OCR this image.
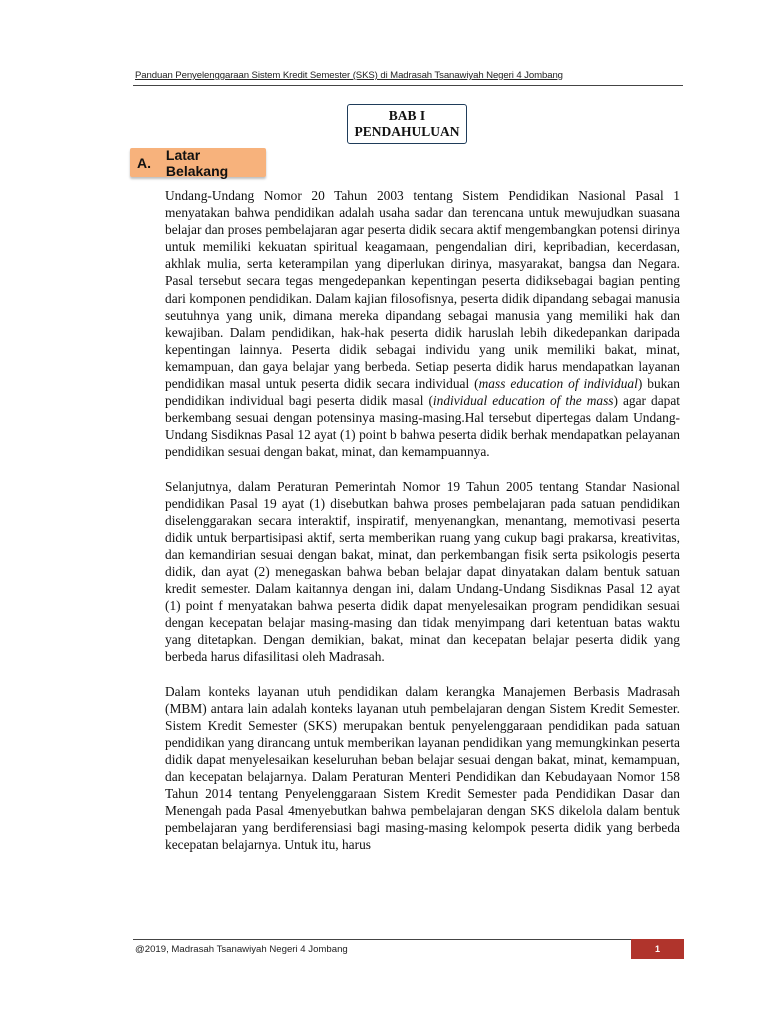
Panduan Penyelenggaraan Sistem Kredit Semester (SKS) di Madrasah Tsanawiyah Negeri 4 Jombang
BAB I
PENDAHULUAN
A.	Latar Belakang

Undang-Undang Nomor 20 Tahun 2003 tentang Sistem Pendidikan Nasional Pasal 1 menyatakan bahwa pendidikan adalah usaha sadar dan terencana untuk mewujudkan suasana belajar dan proses pembelajaran agar peserta didik secara aktif mengembangkan potensi dirinya untuk memiliki kekuatan spiritual keagamaan, pengendalian diri, kepribadian, kecerdasan, akhlak mulia, serta keterampilan yang diperlukan dirinya, masyarakat, bangsa dan Negara. Pasal tersebut secara tegas mengedepankan kepentingan peserta didiksebagai bagian penting dari komponen pendidikan. Dalam kajian filosofisnya, peserta didik dipandang sebagai manusia seutuhnya yang unik, dimana mereka dipandang sebagai manusia yang memiliki hak dan kewajiban. Dalam pendidikan, hak-hak peserta didik haruslah lebih dikedepankan daripada kepentingan lainnya. Peserta didik sebagai individu yang unik memiliki bakat, minat, kemampuan, dan gaya belajar yang berbeda. Setiap peserta didik harus mendapatkan layanan pendidikan masal untuk peserta didik secara individual (mass education of individual) bukan pendidikan individual bagi peserta didik masal (individual education of the mass) agar dapat berkembang sesuai dengan potensinya masing-masing.Hal tersebut dipertegas dalam Undang-Undang Sisdiknas Pasal 12 ayat (1) point b bahwa peserta didik berhak mendapatkan pelayanan pendidikan sesuai dengan bakat, minat, dan kemampuannya.

Selanjutnya, dalam Peraturan Pemerintah Nomor 19 Tahun 2005 tentang Standar Nasional pendidikan Pasal 19 ayat (1) disebutkan bahwa proses pembelajaran pada satuan pendidikan diselenggarakan secara interaktif, inspiratif, menyenangkan, menantang, memotivasi peserta didik untuk berpartisipasi aktif, serta memberikan ruang yang cukup bagi prakarsa, kreativitas, dan kemandirian sesuai dengan bakat, minat, dan perkembangan fisik serta psikologis peserta didik, dan ayat (2) menegaskan bahwa beban belajar dapat dinyatakan dalam bentuk satuan kredit semester. Dalam kaitannya dengan ini, dalam Undang-Undang Sisdiknas Pasal 12 ayat (1) point f menyatakan bahwa peserta didik dapat menyelesaikan program pendidikan sesuai dengan kecepatan belajar masing-masing dan tidak menyimpang dari ketentuan batas waktu yang ditetapkan. Dengan demikian, bakat, minat dan kecepatan belajar peserta didik yang berbeda harus difasilitasi oleh Madrasah.

Dalam konteks layanan utuh pendidikan dalam kerangka Manajemen Berbasis Madrasah (MBM) antara lain adalah konteks layanan utuh pembelajaran dengan Sistem Kredit Semester. Sistem Kredit Semester (SKS) merupakan bentuk penyelenggaraan pendidikan pada satuan pendidikan yang dirancang untuk memberikan layanan pendidikan yang memungkinkan peserta didik dapat menyelesaikan keseluruhan beban belajar sesuai dengan bakat, minat, kemampuan, dan kecepatan belajarnya. Dalam Peraturan Menteri Pendidikan dan Kebudayaan Nomor 158 Tahun 2014 tentang Penyelenggaraan Sistem Kredit Semester pada Pendidikan Dasar dan Menengah pada Pasal 4menyebutkan bahwa pembelajaran dengan SKS dikelola dalam bentuk pembelajaran yang berdiferensiasi bagi masing-masing kelompok peserta didik yang berbeda kecepatan belajarnya. Untuk itu, harus

@2019, Madrasah Tsanawiyah Negeri 4 Jombang	1
